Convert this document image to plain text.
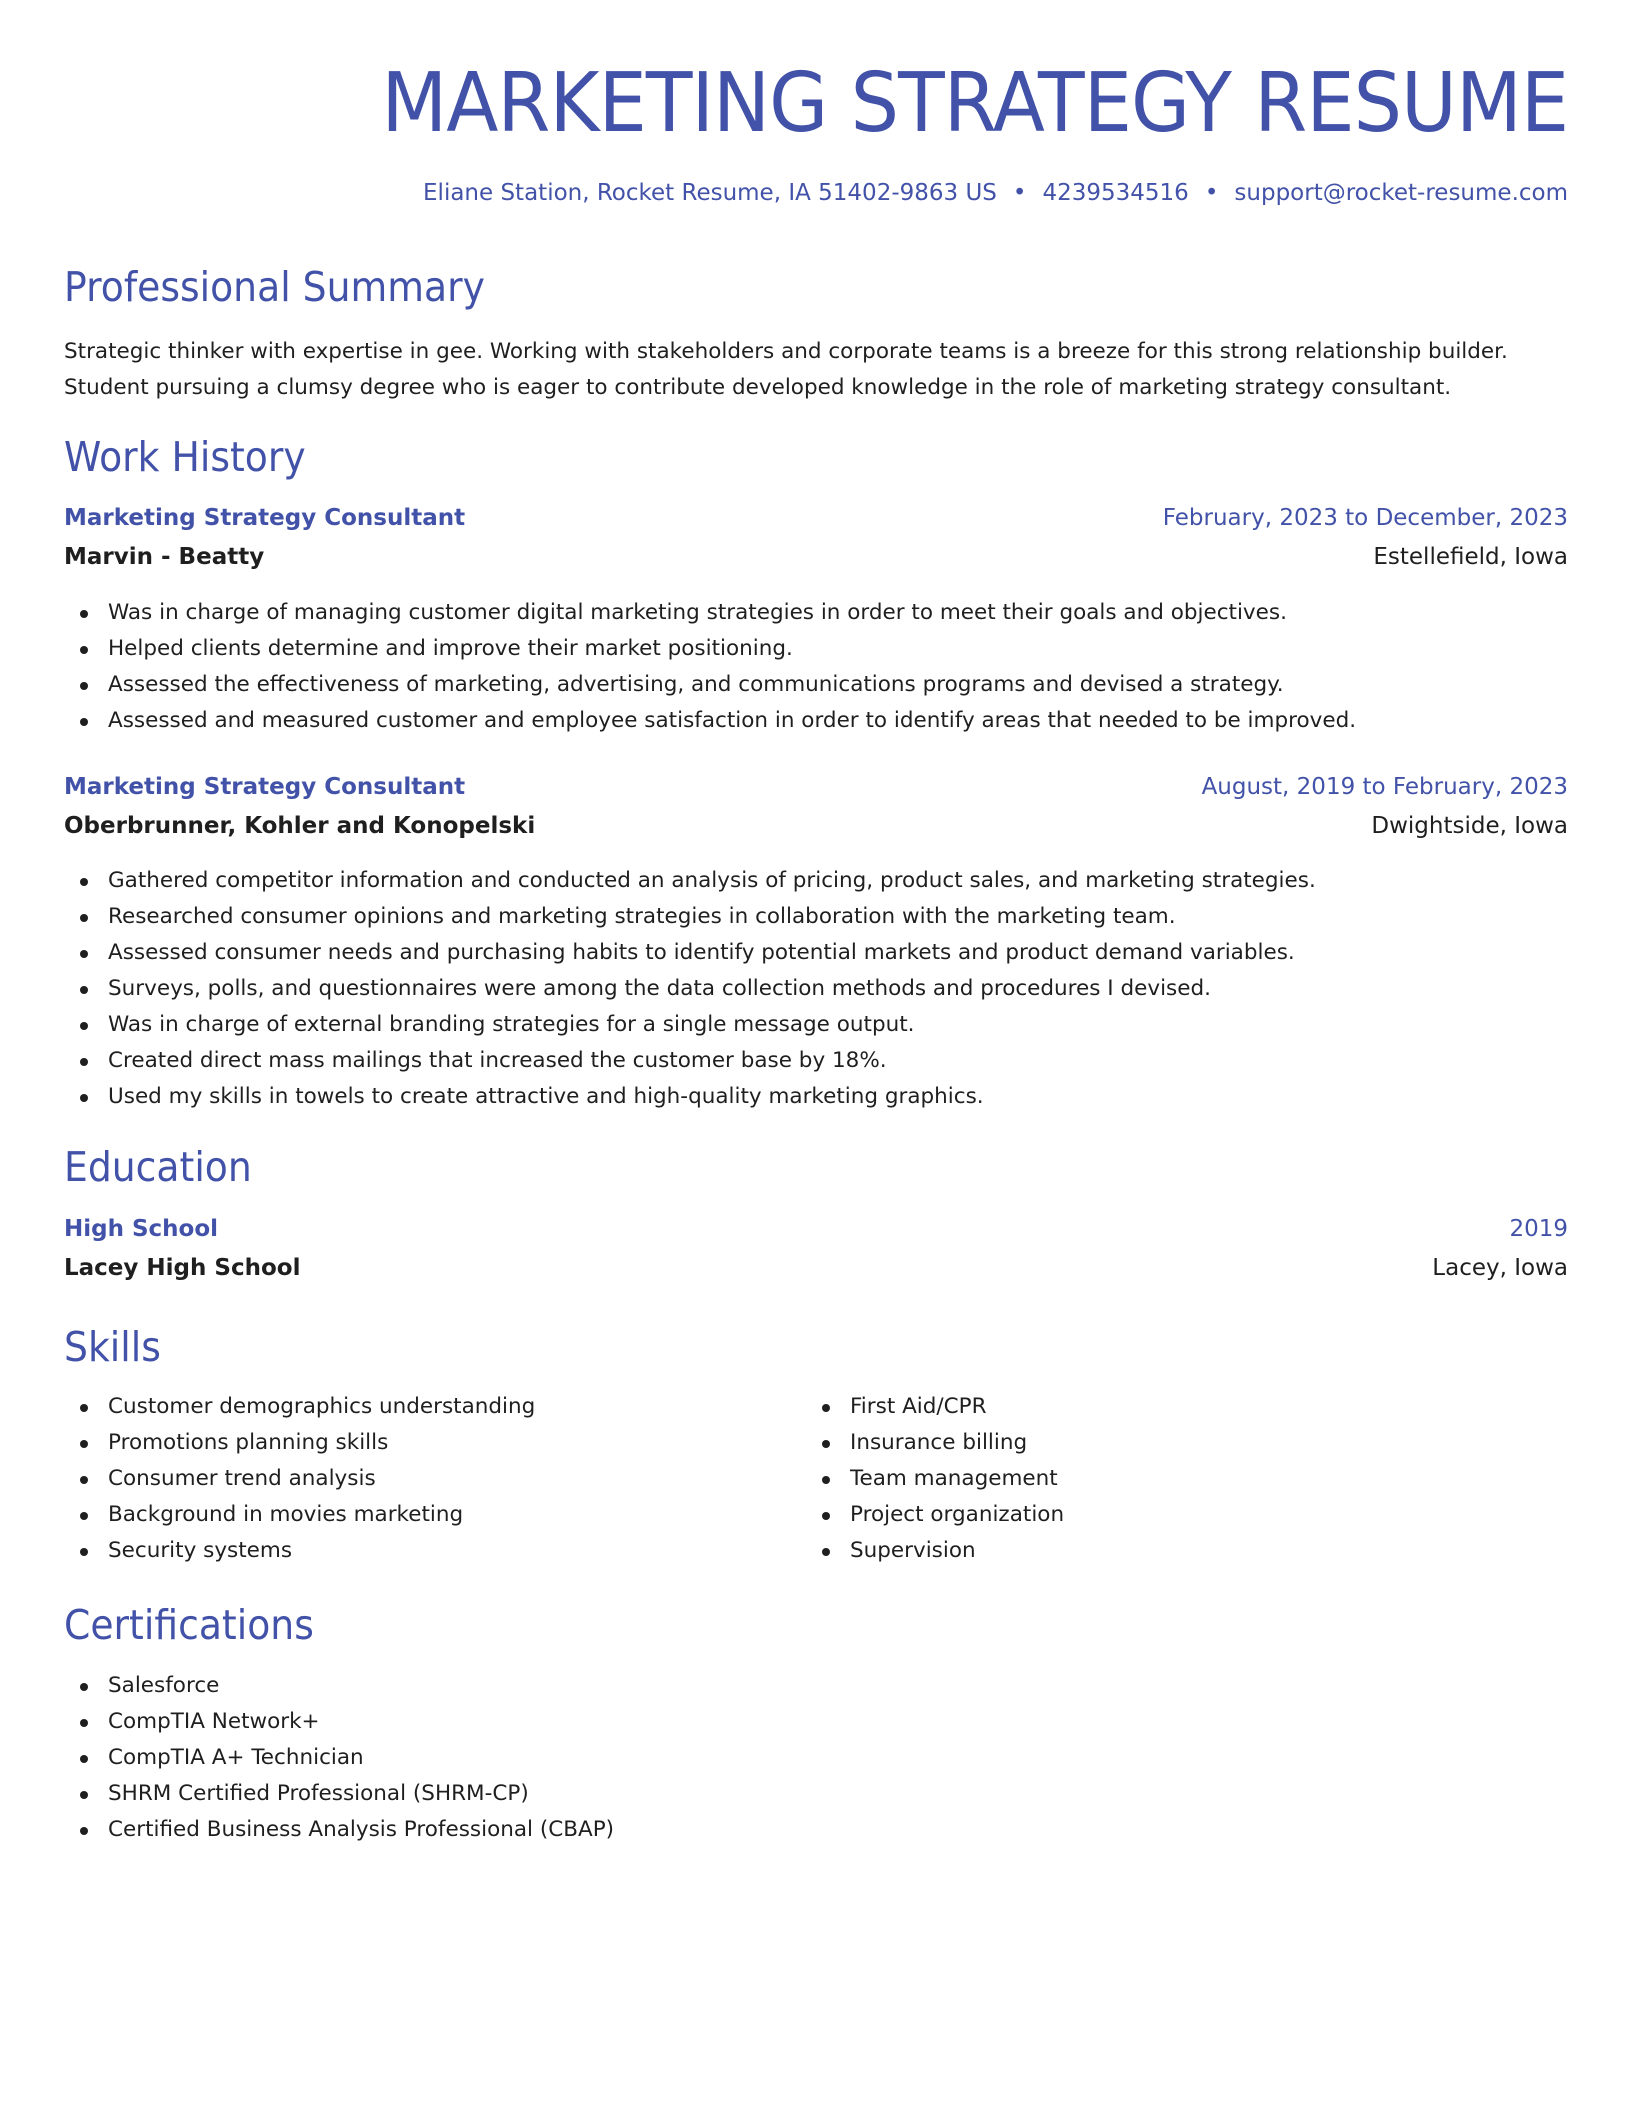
MARKETING STRATEGY RESUME
Eliane Station, Rocket Resume, IA 51402-9863 US • 4239534516 • support@rocket-resume.com
Professional Summary

Strategic thinker with expertise in gee. Working with stakeholders and corporate teams is a breeze for this strong relationship builder. Student pursuing a clumsy degree who is eager to contribute developed knowledge in the role of marketing strategy consultant.

Work History
Marketing Strategy Consultant	February, 2023 to December, 2023
Marvin - Beatty	Estellefield, Iowa
Was in charge of managing customer digital marketing strategies in order to meet their goals and objectives.
Helped clients determine and improve their market positioning.
Assessed the effectiveness of marketing, advertising, and communications programs and devised a strategy.
Assessed and measured customer and employee satisfaction in order to identify areas that needed to be improved.
Marketing Strategy Consultant	August, 2019 to February, 2023
Oberbrunner, Kohler and Konopelski	Dwightside, Iowa
Gathered competitor information and conducted an analysis of pricing, product sales, and marketing strategies.
Researched consumer opinions and marketing strategies in collaboration with the marketing team.
Assessed consumer needs and purchasing habits to identify potential markets and product demand variables.
Surveys, polls, and questionnaires were among the data collection methods and procedures I devised.
Was in charge of external branding strategies for a single message output.
Created direct mass mailings that increased the customer base by 18%.
Used my skills in towels to create attractive and high-quality marketing graphics.
Education
High School	2019
Lacey High School	Lacey, Iowa
Skills
Customer demographics understanding
Promotions planning skills
Consumer trend analysis
Background in movies marketing
Security systems
First Aid/CPR
Insurance billing
Team management
Project organization
Supervision
Certifications
Salesforce
CompTIA Network+
CompTIA A+ Technician
SHRM Certified Professional (SHRM-CP)
Certified Business Analysis Professional (CBAP)
